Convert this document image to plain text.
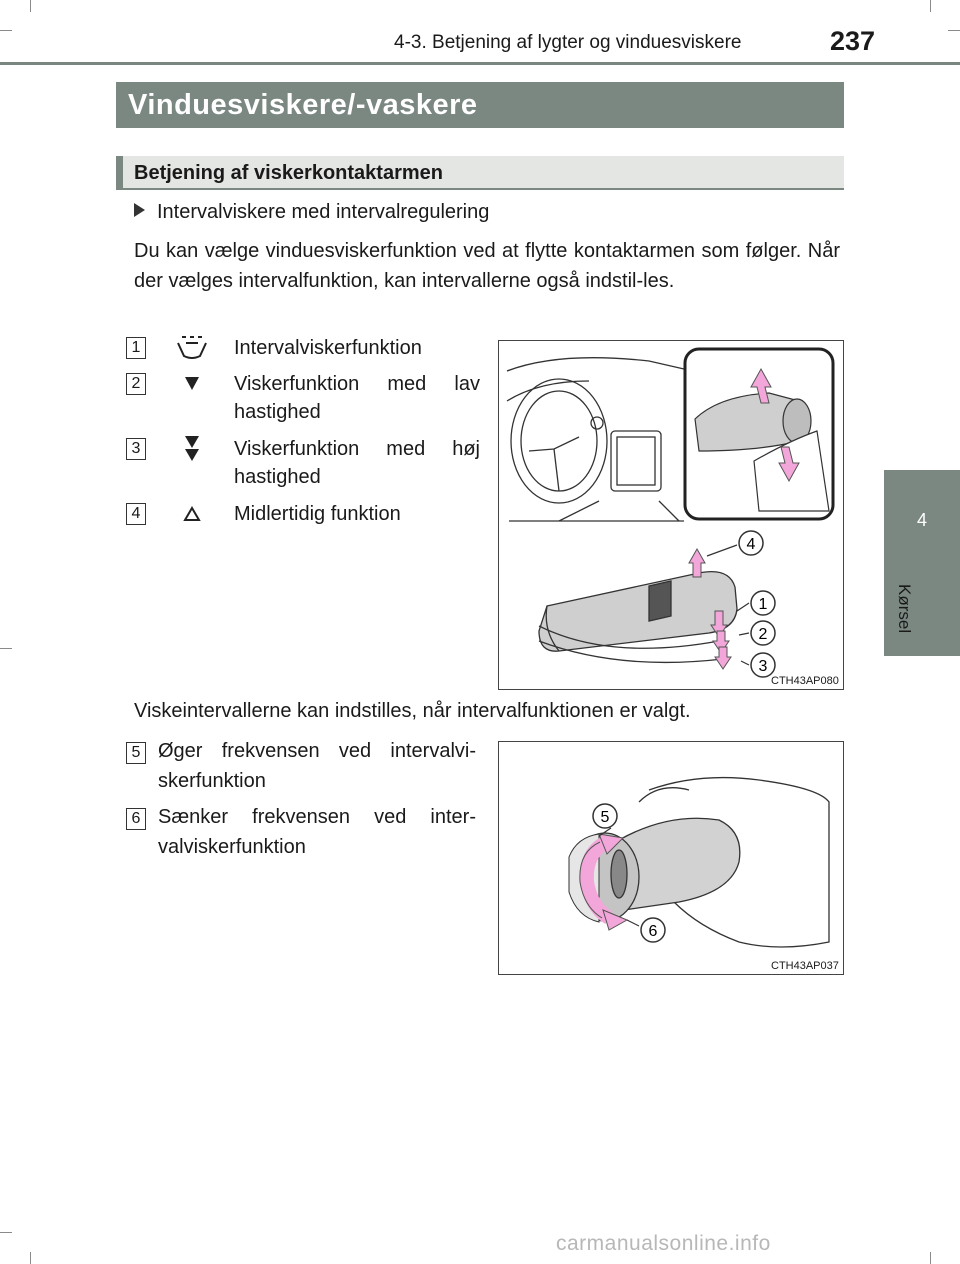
4-3. Betjening af lygter og vinduesviskere	237
Vinduesviskere/-vaskere
Betjening af viskerkontaktarmen
Intervalviskere med intervalregulering
Du kan vælge vinduesviskerfunktion ved at flytte kontaktarmen som følger. Når der vælges intervalfunktion, kan intervallerne også indstil-les.
1	Intervalviskerfunktion
2	Viskerfunktion med lav hastighed
3	Viskerfunktion med høj hastighed
4	Midlertidig funktion
4
1
2
3
CTH43AP080
Viskeintervallerne kan indstilles, når intervalfunktionen er valgt.
5 Øger frekvensen ved intervalvi-skerfunktion
6 Sænker frekvensen ved inter-valviskerfunktion
5
6
CTH43AP037
4
Kørsel
carmanualsonline.info
